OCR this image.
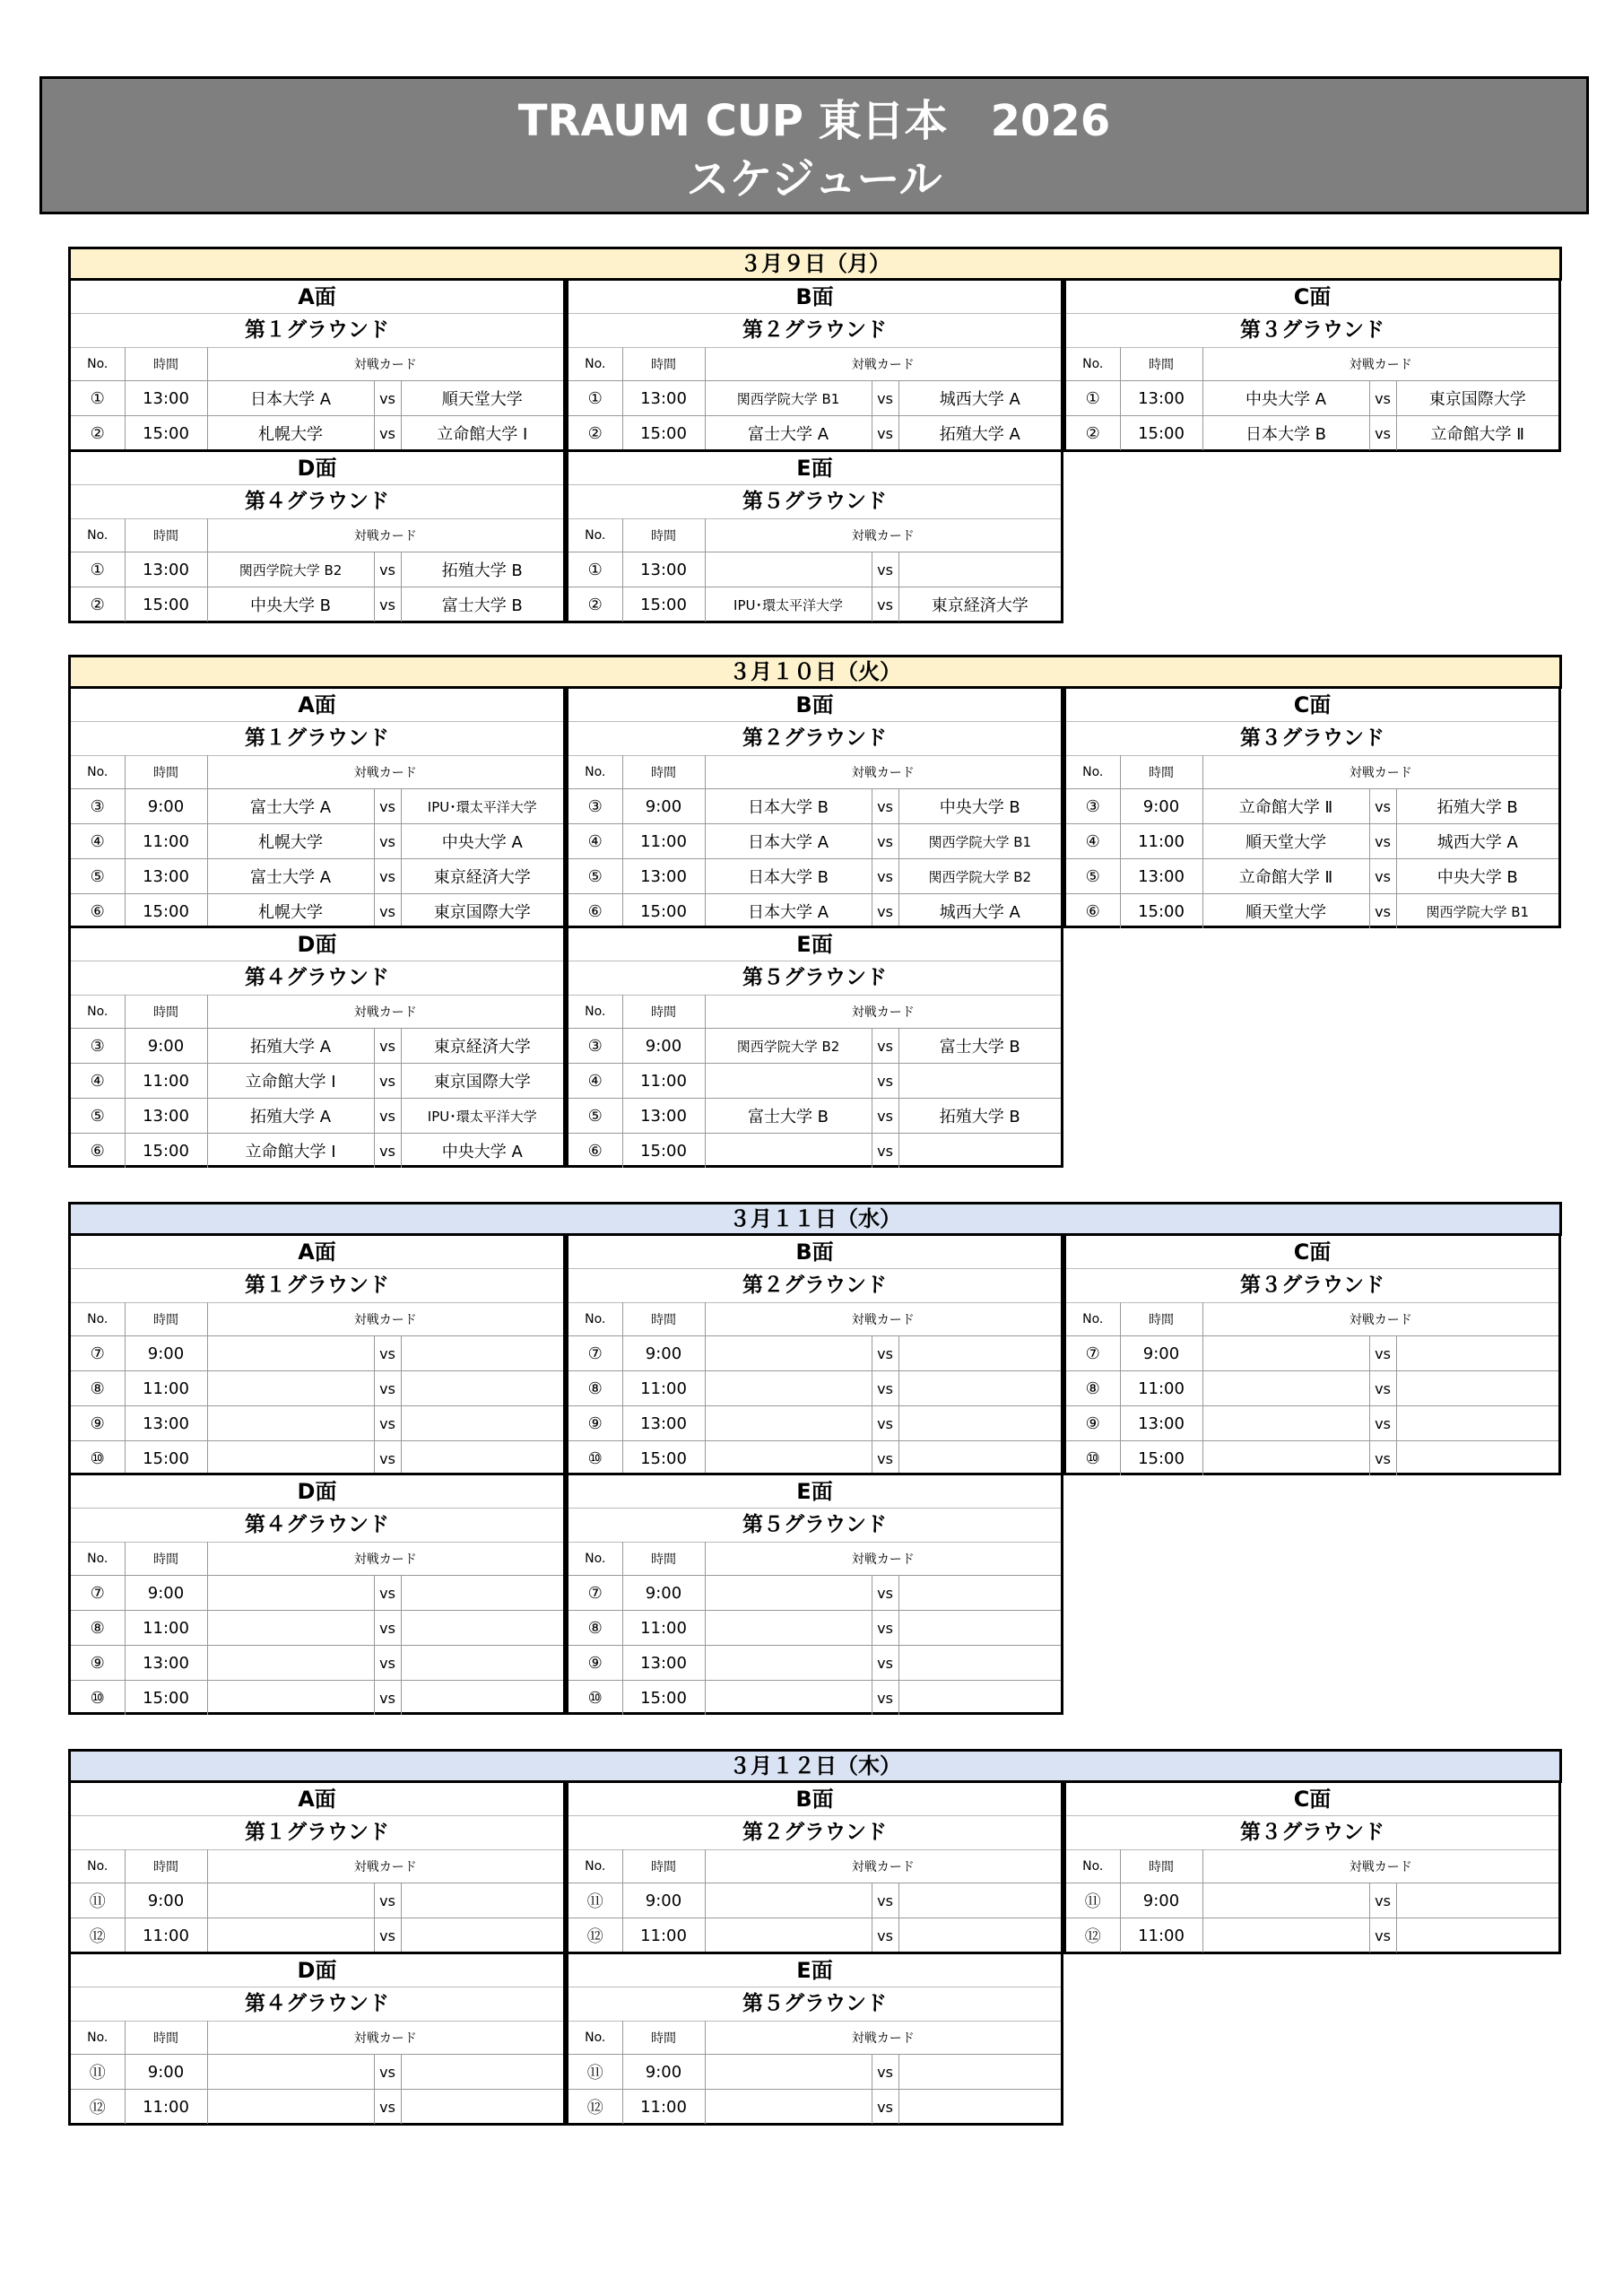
TRAUM CUP 東日本　2026
スケジュール
３月９日（月）
A面
第１グラウンド
No.	時間	対戦カード		
①	13:00	日本大学 A	vs	順天堂大学
②	15:00	札幌大学	vs	立命館大学 Ⅰ
B面
第２グラウンド
No.	時間	対戦カード		
①	13:00	関西学院大学 B1	vs	城西大学 A
②	15:00	富士大学 A	vs	拓殖大学 A
C面
第３グラウンド
No.	時間	対戦カード		
①	13:00	中央大学 A	vs	東京国際大学
②	15:00	日本大学 B	vs	立命館大学 Ⅱ
D面
第４グラウンド
No.	時間	対戦カード		
①	13:00	関西学院大学 B2	vs	拓殖大学 B
②	15:00	中央大学 B	vs	富士大学 B
E面
第５グラウンド
No.	時間	対戦カード		
①	13:00		vs	
②	15:00	IPU･環太平洋大学	vs	東京経済大学
３月１０日（火）
A面
第１グラウンド
No.	時間	対戦カード		
③	9:00	富士大学 A	vs	IPU･環太平洋大学
④	11:00	札幌大学	vs	中央大学 A
⑤	13:00	富士大学 A	vs	東京経済大学
⑥	15:00	札幌大学	vs	東京国際大学
B面
第２グラウンド
No.	時間	対戦カード		
③	9:00	日本大学 B	vs	中央大学 B
④	11:00	日本大学 A	vs	関西学院大学 B1
⑤	13:00	日本大学 B	vs	関西学院大学 B2
⑥	15:00	日本大学 A	vs	城西大学 A
C面
第３グラウンド
No.	時間	対戦カード		
③	9:00	立命館大学 Ⅱ	vs	拓殖大学 B
④	11:00	順天堂大学	vs	城西大学 A
⑤	13:00	立命館大学 Ⅱ	vs	中央大学 B
⑥	15:00	順天堂大学	vs	関西学院大学 B1
D面
第４グラウンド
No.	時間	対戦カード		
③	9:00	拓殖大学 A	vs	東京経済大学
④	11:00	立命館大学 Ⅰ	vs	東京国際大学
⑤	13:00	拓殖大学 A	vs	IPU･環太平洋大学
⑥	15:00	立命館大学 Ⅰ	vs	中央大学 A
E面
第５グラウンド
No.	時間	対戦カード		
③	9:00	関西学院大学 B2	vs	富士大学 B
④	11:00		vs	
⑤	13:00	富士大学 B	vs	拓殖大学 B
⑥	15:00		vs	
３月１１日（水）
A面
第１グラウンド
No.	時間	対戦カード		
⑦	9:00		vs	
⑧	11:00		vs	
⑨	13:00		vs	
⑩	15:00		vs	
B面
第２グラウンド
No.	時間	対戦カード		
⑦	9:00		vs	
⑧	11:00		vs	
⑨	13:00		vs	
⑩	15:00		vs	
C面
第３グラウンド
No.	時間	対戦カード		
⑦	9:00		vs	
⑧	11:00		vs	
⑨	13:00		vs	
⑩	15:00		vs	
D面
第４グラウンド
No.	時間	対戦カード		
⑦	9:00		vs	
⑧	11:00		vs	
⑨	13:00		vs	
⑩	15:00		vs	
E面
第５グラウンド
No.	時間	対戦カード		
⑦	9:00		vs	
⑧	11:00		vs	
⑨	13:00		vs	
⑩	15:00		vs	
３月１２日（木）
A面
第１グラウンド
No.	時間	対戦カード		
⑪	9:00		vs	
⑫	11:00		vs	
B面
第２グラウンド
No.	時間	対戦カード		
⑪	9:00		vs	
⑫	11:00		vs	
C面
第３グラウンド
No.	時間	対戦カード		
⑪	9:00		vs	
⑫	11:00		vs	
D面
第４グラウンド
No.	時間	対戦カード		
⑪	9:00		vs	
⑫	11:00		vs	
E面
第５グラウンド
No.	時間	対戦カード		
⑪	9:00		vs	
⑫	11:00		vs	
